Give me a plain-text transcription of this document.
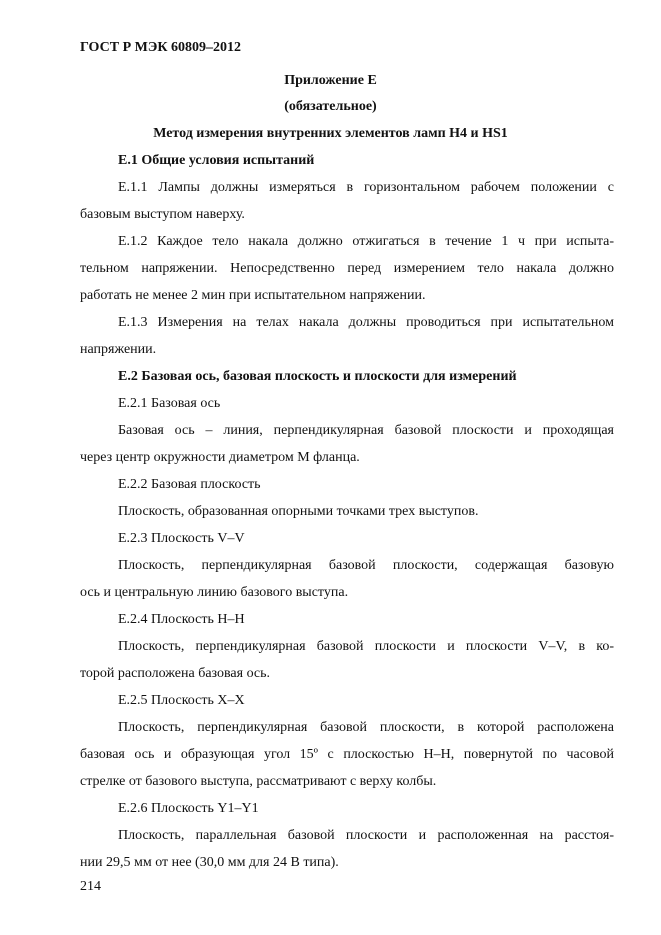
ГОСТ Р МЭК 60809–2012

Приложение Е

(обязательное)

Метод измерения внутренних элементов ламп Н4 и HS1

Е.1 Общие условия испытаний

Е.1.1 Лампы должны измеряться в горизонтальном рабочем положении с

базовым выступом наверху.

Е.1.2 Каждое тело накала должно отжигаться в течение 1 ч при испыта-

тельном напряжении. Непосредственно перед измерением тело накала должно

работать не менее 2 мин при испытательном напряжении.

Е.1.3 Измерения на телах накала должны проводиться при испытательном

напряжении.

Е.2 Базовая ось, базовая плоскость и плоскости для измерений

Е.2.1 Базовая ось

Базовая ось – линия, перпендикулярная базовой плоскости и проходящая

через центр окружности диаметром М фланца.

Е.2.2 Базовая плоскость

Плоскость, образованная опорными точками трех выступов.

Е.2.3 Плоскость V–V

Плоскость, перпендикулярная базовой плоскости, содержащая базовую

ось и центральную линию базового выступа.

Е.2.4 Плоскость Н–Н

Плоскость, перпендикулярная базовой плоскости и плоскости V–V, в ко-

торой расположена базовая ось.

Е.2.5 Плоскость Х–Х

Плоскость, перпендикулярная базовой плоскости, в которой расположена

базовая ось и образующая угол 15º с плоскостью Н–Н, повернутой по часовой

стрелке от базового выступа, рассматривают с верху колбы.

Е.2.6 Плоскость Y1–Y1

Плоскость, параллельная базовой плоскости и расположенная на расстоя-

нии 29,5 мм от нее (30,0 мм для 24 В типа).

214
